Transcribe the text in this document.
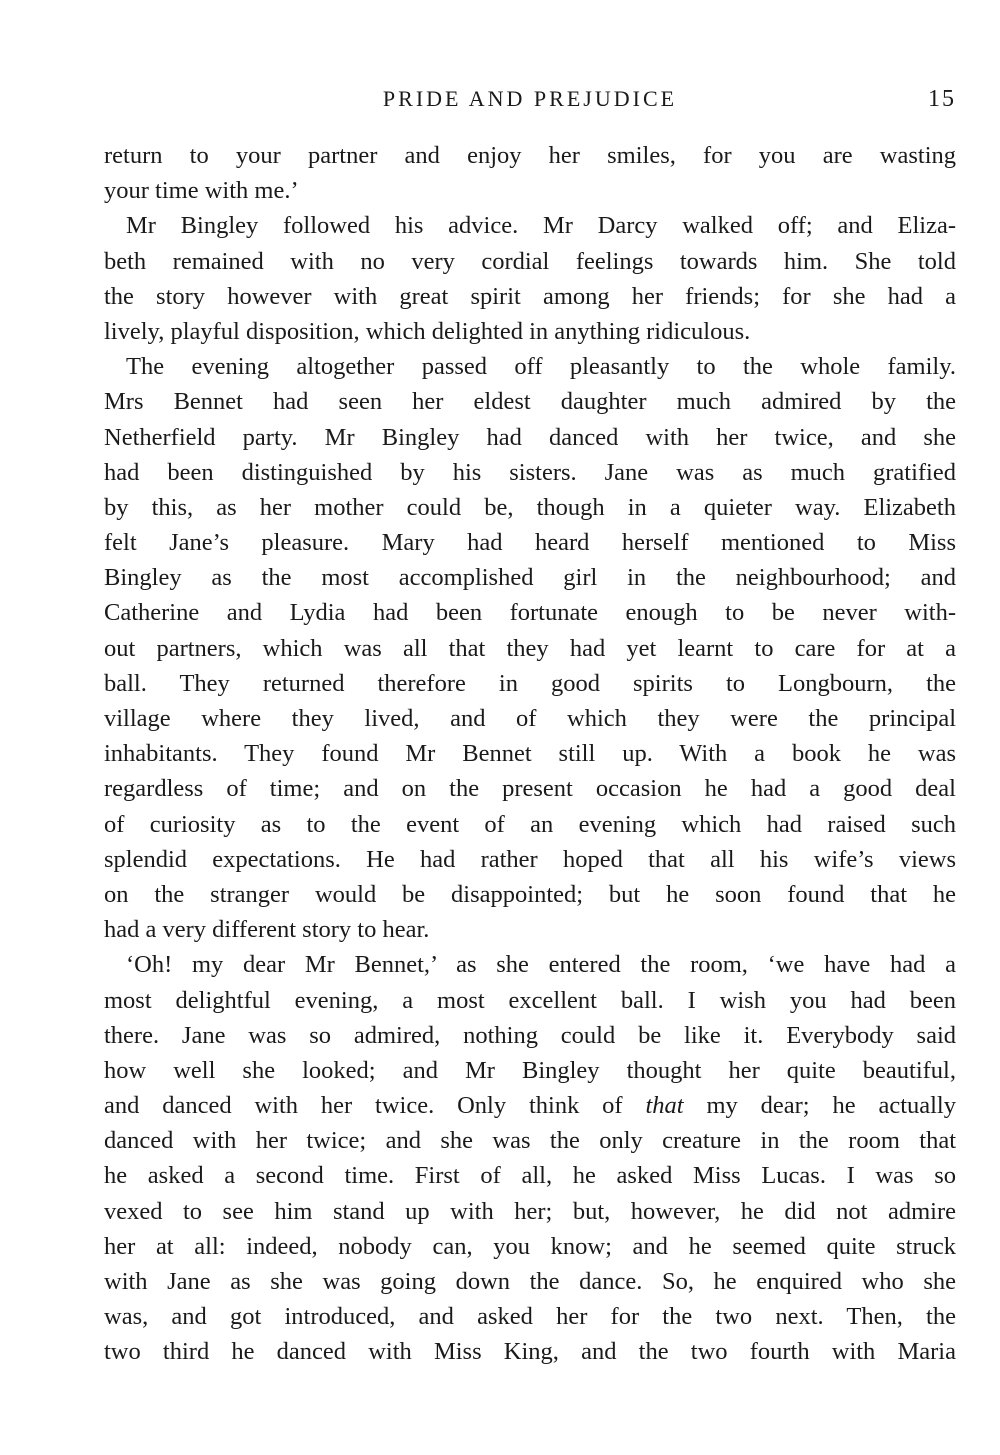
PRIDE AND PREJUDICE	15
return to your partner and enjoy her smiles, for you are wasting
your time with me.’
Mr Bingley followed his advice. Mr Darcy walked off; and Eliza-
beth remained with no very cordial feelings towards him. She told
the story however with great spirit among her friends; for she had a
lively, playful disposition, which delighted in anything ridiculous.
The evening altogether passed off pleasantly to the whole family.
Mrs Bennet had seen her eldest daughter much admired by the
Netherfield party. Mr Bingley had danced with her twice, and she
had been distinguished by his sisters. Jane was as much gratified
by this, as her mother could be, though in a quieter way. Elizabeth
felt Jane’s pleasure. Mary had heard herself mentioned to Miss
Bingley as the most accomplished girl in the neighbourhood; and
Catherine and Lydia had been fortunate enough to be never with-
out partners, which was all that they had yet learnt to care for at a
ball. They returned therefore in good spirits to Longbourn, the
village where they lived, and of which they were the principal
inhabitants. They found Mr Bennet still up. With a book he was
regardless of time; and on the present occasion he had a good deal
of curiosity as to the event of an evening which had raised such
splendid expectations. He had rather hoped that all his wife’s views
on the stranger would be disappointed; but he soon found that he
had a very different story to hear.
‘Oh! my dear Mr Bennet,’ as she entered the room, ‘we have had a
most delightful evening, a most excellent ball. I wish you had been
there. Jane was so admired, nothing could be like it. Everybody said
how well she looked; and Mr Bingley thought her quite beautiful,
and danced with her twice. Only think of that my dear; he actually
danced with her twice; and she was the only creature in the room that
he asked a second time. First of all, he asked Miss Lucas. I was so
vexed to see him stand up with her; but, however, he did not admire
her at all: indeed, nobody can, you know; and he seemed quite struck
with Jane as she was going down the dance. So, he enquired who she
was, and got introduced, and asked her for the two next. Then, the
two third he danced with Miss King, and the two fourth with Maria
